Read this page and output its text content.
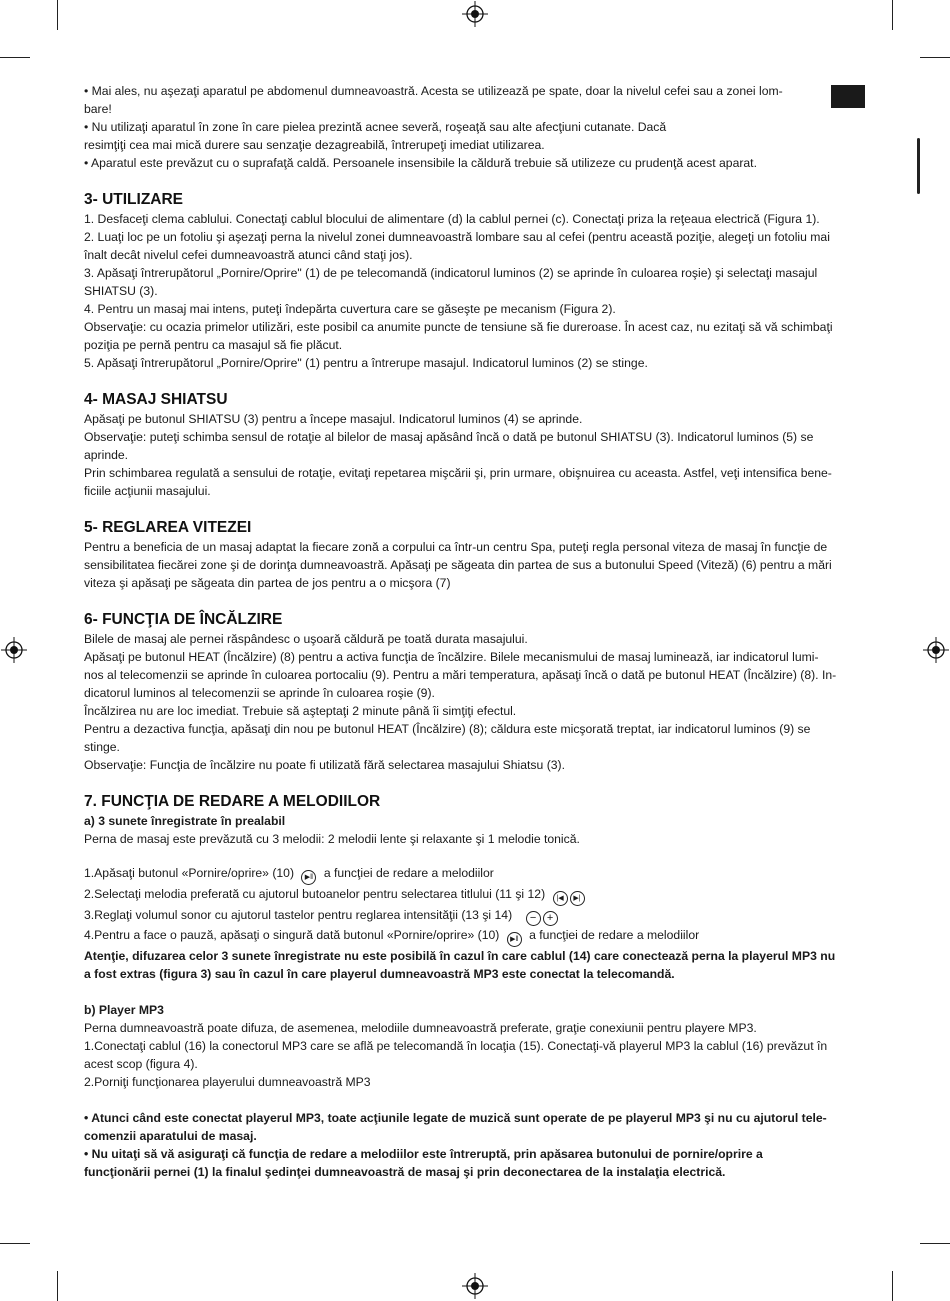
• Mai ales, nu aşezaţi aparatul pe abdomenul dumneavoastră. Acesta se utilizează pe spate, doar la nivelul cefei sau a zonei lom-

bare!

• Nu utilizaţi aparatul în zone în care pielea prezintă acnee severă, roşeaţă sau alte afecţiuni cutanate. Dacă

resimţiţi cea mai mică durere sau senzaţie dezagreabilă, întrerupeţi imediat utilizarea.

• Aparatul este prevăzut cu o suprafaţă caldă. Persoanele insensibile la căldură trebuie să utilizeze cu prudenţă acest aparat.

3- UTILIZARE

1. Desfaceţi clema cablului. Conectaţi cablul blocului de alimentare (d) la cablul pernei (c). Conectaţi priza la reţeaua electrică (Figura 1).

2. Luaţi loc pe un fotoliu şi aşezaţi perna la nivelul zonei dumneavoastră lombare sau al cefei (pentru această poziţie, alegeţi un fotoliu mai

înalt decât nivelul cefei dumneavoastră atunci când staţi jos).

3. Apăsaţi întrerupătorul „Pornire/Oprire" (1) de pe telecomandă (indicatorul luminos (2) se aprinde în culoarea roşie) şi selectaţi masajul

SHIATSU (3).

4. Pentru un masaj mai intens, puteţi îndepărta cuvertura care se găseşte pe mecanism (Figura 2).

Observaţie: cu ocazia primelor utilizări, este posibil ca anumite puncte de tensiune să fie dureroase. În acest caz, nu ezitaţi să vă schimbaţi

poziţia pe pernă pentru ca masajul să fie plăcut.

5. Apăsaţi întrerupătorul „Pornire/Oprire" (1) pentru a întrerupe masajul. Indicatorul luminos (2) se stinge.

4- MASAJ SHIATSU

Apăsaţi pe butonul SHIATSU (3) pentru a începe masajul. Indicatorul luminos (4) se aprinde.

Observaţie: puteţi schimba sensul de rotaţie al bilelor de masaj apăsând încă o dată pe butonul SHIATSU (3). Indicatorul luminos (5) se

aprinde.

Prin schimbarea regulată a sensului de rotaţie, evitaţi repetarea mişcării şi, prin urmare, obişnuirea cu aceasta. Astfel, veţi intensifica bene-

ficiile acţiunii masajului.

5- REGLAREA VITEZEI

Pentru a beneficia de un masaj adaptat la fiecare zonă a corpului ca într-un centru Spa, puteţi regla personal viteza de masaj în funcţie de

sensibilitatea fiecărei zone şi de dorinţa dumneavoastră. Apăsaţi pe săgeata din partea de sus a butonului Speed (Viteză) (6) pentru a mări

viteza şi apăsaţi pe săgeata din partea de jos pentru a o micşora (7)

6- FUNCŢIA DE ÎNCĂLZIRE

Bilele de masaj ale pernei răspândesc o uşoară căldură pe toată durata masajului.

Apăsaţi pe butonul HEAT (Încălzire) (8) pentru a activa funcţia de încălzire. Bilele mecanismului de masaj luminează, iar indicatorul lumi-

nos al telecomenzii se aprinde în culoarea portocaliu (9). Pentru a mări temperatura, apăsaţi încă o dată pe butonul HEAT (Încălzire) (8). In-

dicatorul luminos al telecomenzii se aprinde în culoarea roşie (9).

Încălzirea nu are loc imediat. Trebuie să aşteptaţi 2 minute până îi simţiţi efectul.

Pentru a dezactiva funcţia, apăsaţi din nou pe butonul HEAT (Încălzire) (8); căldura este micşorată treptat, iar indicatorul luminos (9) se

stinge.

Observaţie: Funcţia de încălzire nu poate fi utilizată fără selectarea masajului Shiatsu (3).

7. FUNCŢIA DE REDARE A MELODIILOR

a) 3 sunete înregistrate în prealabil

Perna de masaj este prevăzută cu 3 melodii: 2 melodii lente şi relaxante şi 1 melodie tonică.

1.Apăsaţi butonul «Pornire/oprire» (10) ▶‖ a funcţiei de redare a melodiilor

2.Selectaţi melodia preferată cu ajutorul butoanelor pentru selectarea titlului (11 şi 12) |◀ ▶|

3.Reglaţi volumul sonor cu ajutorul tastelor pentru reglarea intensităţii (13 şi 14) − +

4.Pentru a face o pauză, apăsaţi o singură dată butonul «Pornire/oprire» (10) ▶‖ a funcţiei de redare a melodiilor

Atenţie, difuzarea celor 3 sunete înregistrate nu este posibilă în cazul în care cablul (14) care conectează perna la playerul MP3 nu

a fost extras (figura 3) sau în cazul în care playerul dumneavoastră MP3 este conectat la telecomandă.

b) Player MP3

Perna dumneavoastră poate difuza, de asemenea, melodiile dumneavoastră preferate, graţie conexiunii pentru playere MP3.

1.Conectaţi cablul (16) la conectorul MP3 care se află pe telecomandă în locaţia (15). Conectaţi-vă playerul MP3 la cablul (16) prevăzut în

acest scop (figura 4).

2.Porniţi funcţionarea playerului dumneavoastră MP3

• Atunci când este conectat playerul MP3, toate acţiunile legate de muzică sunt operate de pe playerul MP3 şi nu cu ajutorul tele-

comenzii aparatului de masaj.

• Nu uitaţi să vă asiguraţi că funcţia de redare a melodiilor este întreruptă, prin apăsarea butonului de pornire/oprire a

funcţionării pernei (1) la finalul şedinţei dumneavoastră de masaj şi prin deconectarea de la instalaţia electrică.
